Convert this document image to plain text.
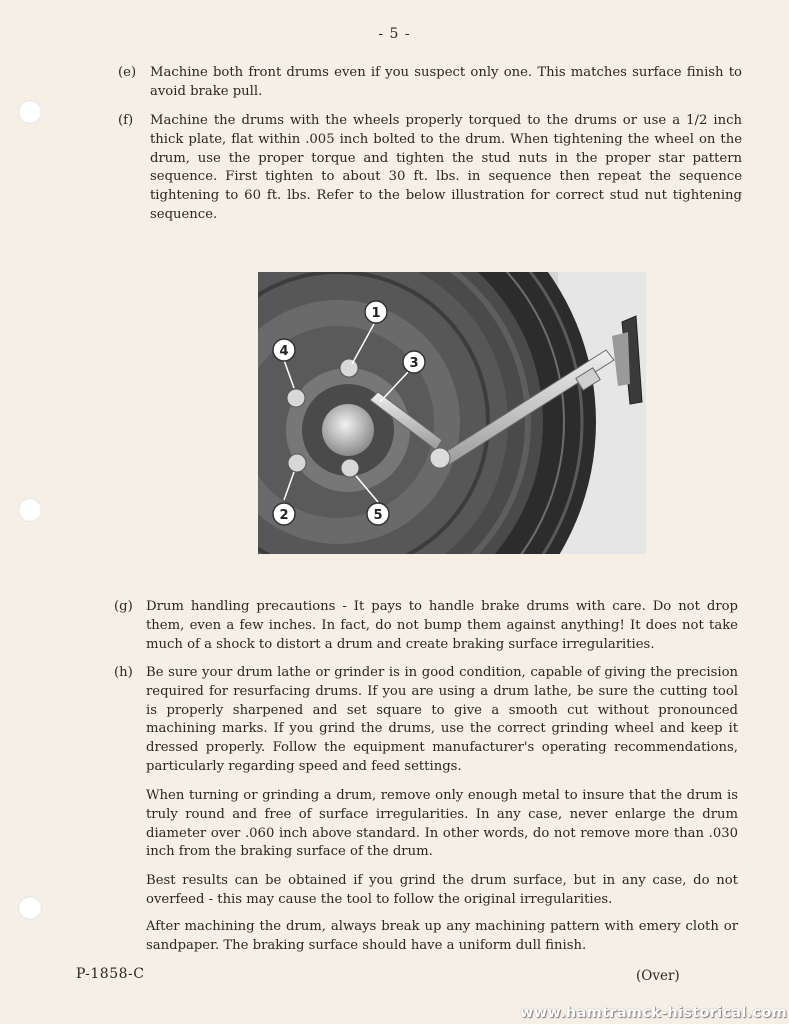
- 5 -
(e) Machine both front drums even if you suspect only one. This matches surface finish to avoid brake pull.
(f) Machine the drums with the wheels properly torqued to the drums or use a 1/2 inch thick plate, flat within .005 inch bolted to the drum. When tightening the wheel on the drum, use the proper torque and tighten the stud nuts in the proper star pattern sequence. First tighten to about 30 ft. lbs. in sequence then repeat the sequence tightening to 60 ft. lbs. Refer to the below illustration for correct stud nut tightening sequence.
1
4
3
2	5
(g) Drum handling precautions - It pays to handle brake drums with care. Do not drop them, even a few inches. In fact, do not bump them against anything! It does not take much of a shock to distort a drum and create braking surface irregularities.
(h) Be sure your drum lathe or grinder is in good condition, capable of giving the precision required for resurfacing drums. If you are using a drum lathe, be sure the cutting tool is properly sharpened and set square to give a smooth cut without pronounced machining marks. If you grind the drums, use the correct grinding wheel and keep it dressed properly. Follow the equipment manufacturer's operating recommendations, particularly regarding speed and feed settings.
When turning or grinding a drum, remove only enough metal to insure that the drum is truly round and free of surface irregularities. In any case, never enlarge the drum diameter over .060 inch above standard. In other words, do not remove more than .030 inch from the braking surface of the drum.
Best results can be obtained if you grind the drum surface, but in any case, do not overfeed - this may cause the tool to follow the original irregularities.
After machining the drum, always break up any machining pattern with emery cloth or sandpaper. The braking surface should have a uniform dull finish.
P-1858-C	(Over)
www.hamtramck-historical.com
